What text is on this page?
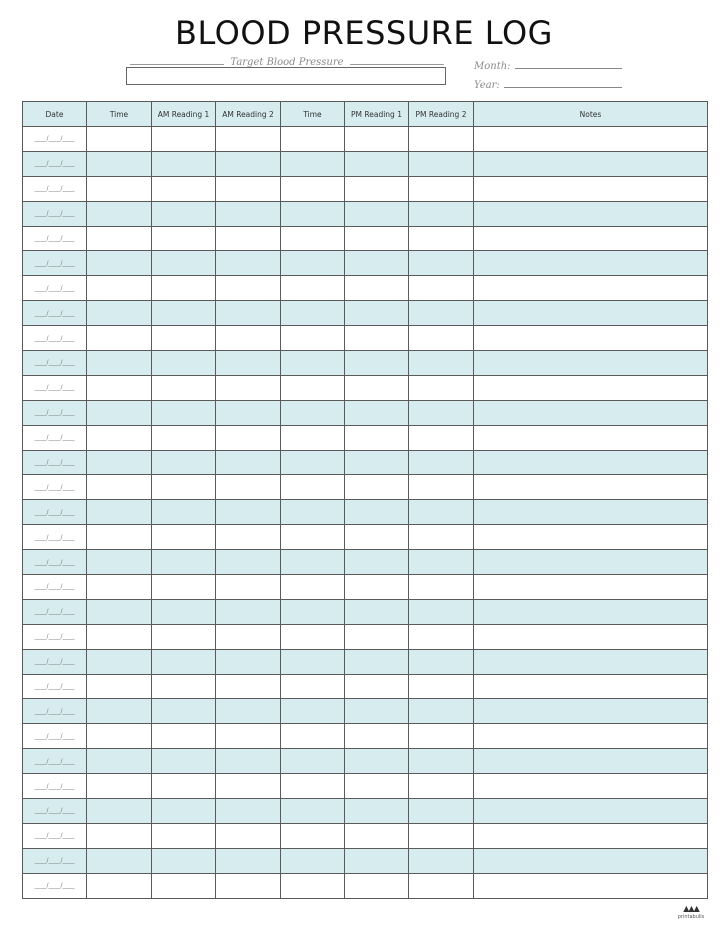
BLOOD PRESSURE LOG
Target Blood Pressure	Month:
Year:
Date	Time	AM Reading 1	AM Reading 2	Time	PM Reading 1	PM Reading 2	Notes
____/____/____							
____/____/____							
____/____/____							
____/____/____							
____/____/____							
____/____/____							
____/____/____							
____/____/____							
____/____/____							
____/____/____							
____/____/____							
____/____/____							
____/____/____							
____/____/____							
____/____/____							
____/____/____							
____/____/____							
____/____/____							
____/____/____							
____/____/____							
____/____/____							
____/____/____							
____/____/____							
____/____/____							
____/____/____							
____/____/____							
____/____/____							
____/____/____							
____/____/____							
____/____/____							
____/____/____							
▲▲▲
printabulls
